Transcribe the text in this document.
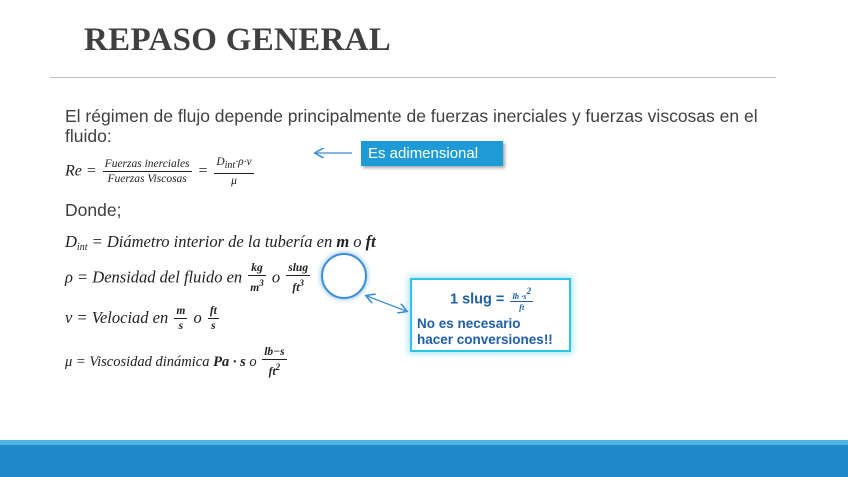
REPASO GENERAL
El régimen de flujo depende principalmente de fuerzas inerciales y fuerzas viscosas en el fluido:
$Re = \frac{\text{Fuerzas inerciales}}{\text{Fuerzas Viscosas}} = \frac{\text{Dint·ρ·v}}{\mu}$
Es adimensional
Donde;
$D_{int}$ = Diámetro interior de la tubería en m o ft
ρ = Densidad del fluido en $\frac{kg}{m^3}$ o $\frac{\text{slug}}{ft^3}$
v = Velociad en $\frac{m}{s}$ o $\frac{ft}{s}$
μ = Viscosidad dinámica Pa · s o $\frac{lb-s}{ft^2}$
1 slug = $\frac{lb \cdot s2}{ft}$
No es necesario
hacer conversiones!!
